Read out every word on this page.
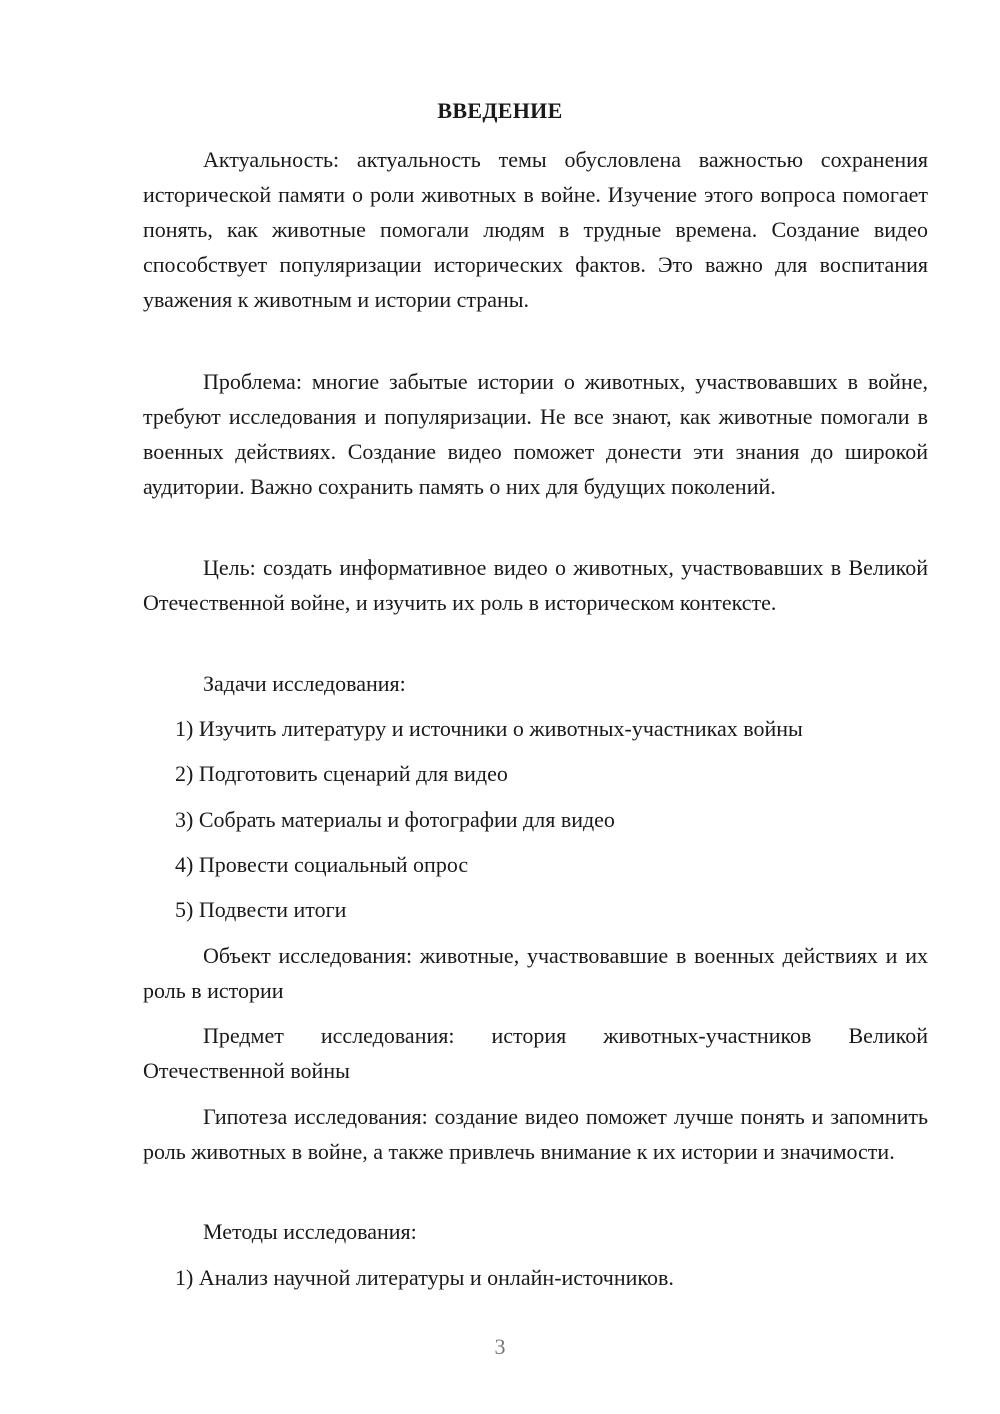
ВВЕДЕНИЕ

Актуальность: актуальность темы обусловлена важностью сохранения исторической памяти о роли животных в войне. Изучение этого вопроса помогает понять, как животные помогали людям в трудные времена. Создание видео способствует популяризации исторических фактов. Это важно для воспитания уважения к животным и истории страны.

Проблема: многие забытые истории о животных, участвовавших в войне, требуют исследования и популяризации. Не все знают, как животные помогали в военных действиях. Создание видео поможет донести эти знания до широкой аудитории. Важно сохранить память о них для будущих поколений.

Цель: создать информативное видео о животных, участвовавших в Великой Отечественной войне, и изучить их роль в историческом контексте.

Задачи исследования:

1) Изучить литературу и источники о животных-участниках войны

2) Подготовить сценарий для видео

3) Собрать материалы и фотографии для видео

4) Провести социальный опрос

5) Подвести итоги

Объект исследования: животные, участвовавшие в военных действиях и их роль в истории

Предмет исследования: история животных-участников Великой Отечественной войны

Гипотеза исследования: создание видео поможет лучше понять и запомнить роль животных в войне, а также привлечь внимание к их истории и значимости.

Методы исследования:

1) Анализ научной литературы и онлайн-источников.

3
